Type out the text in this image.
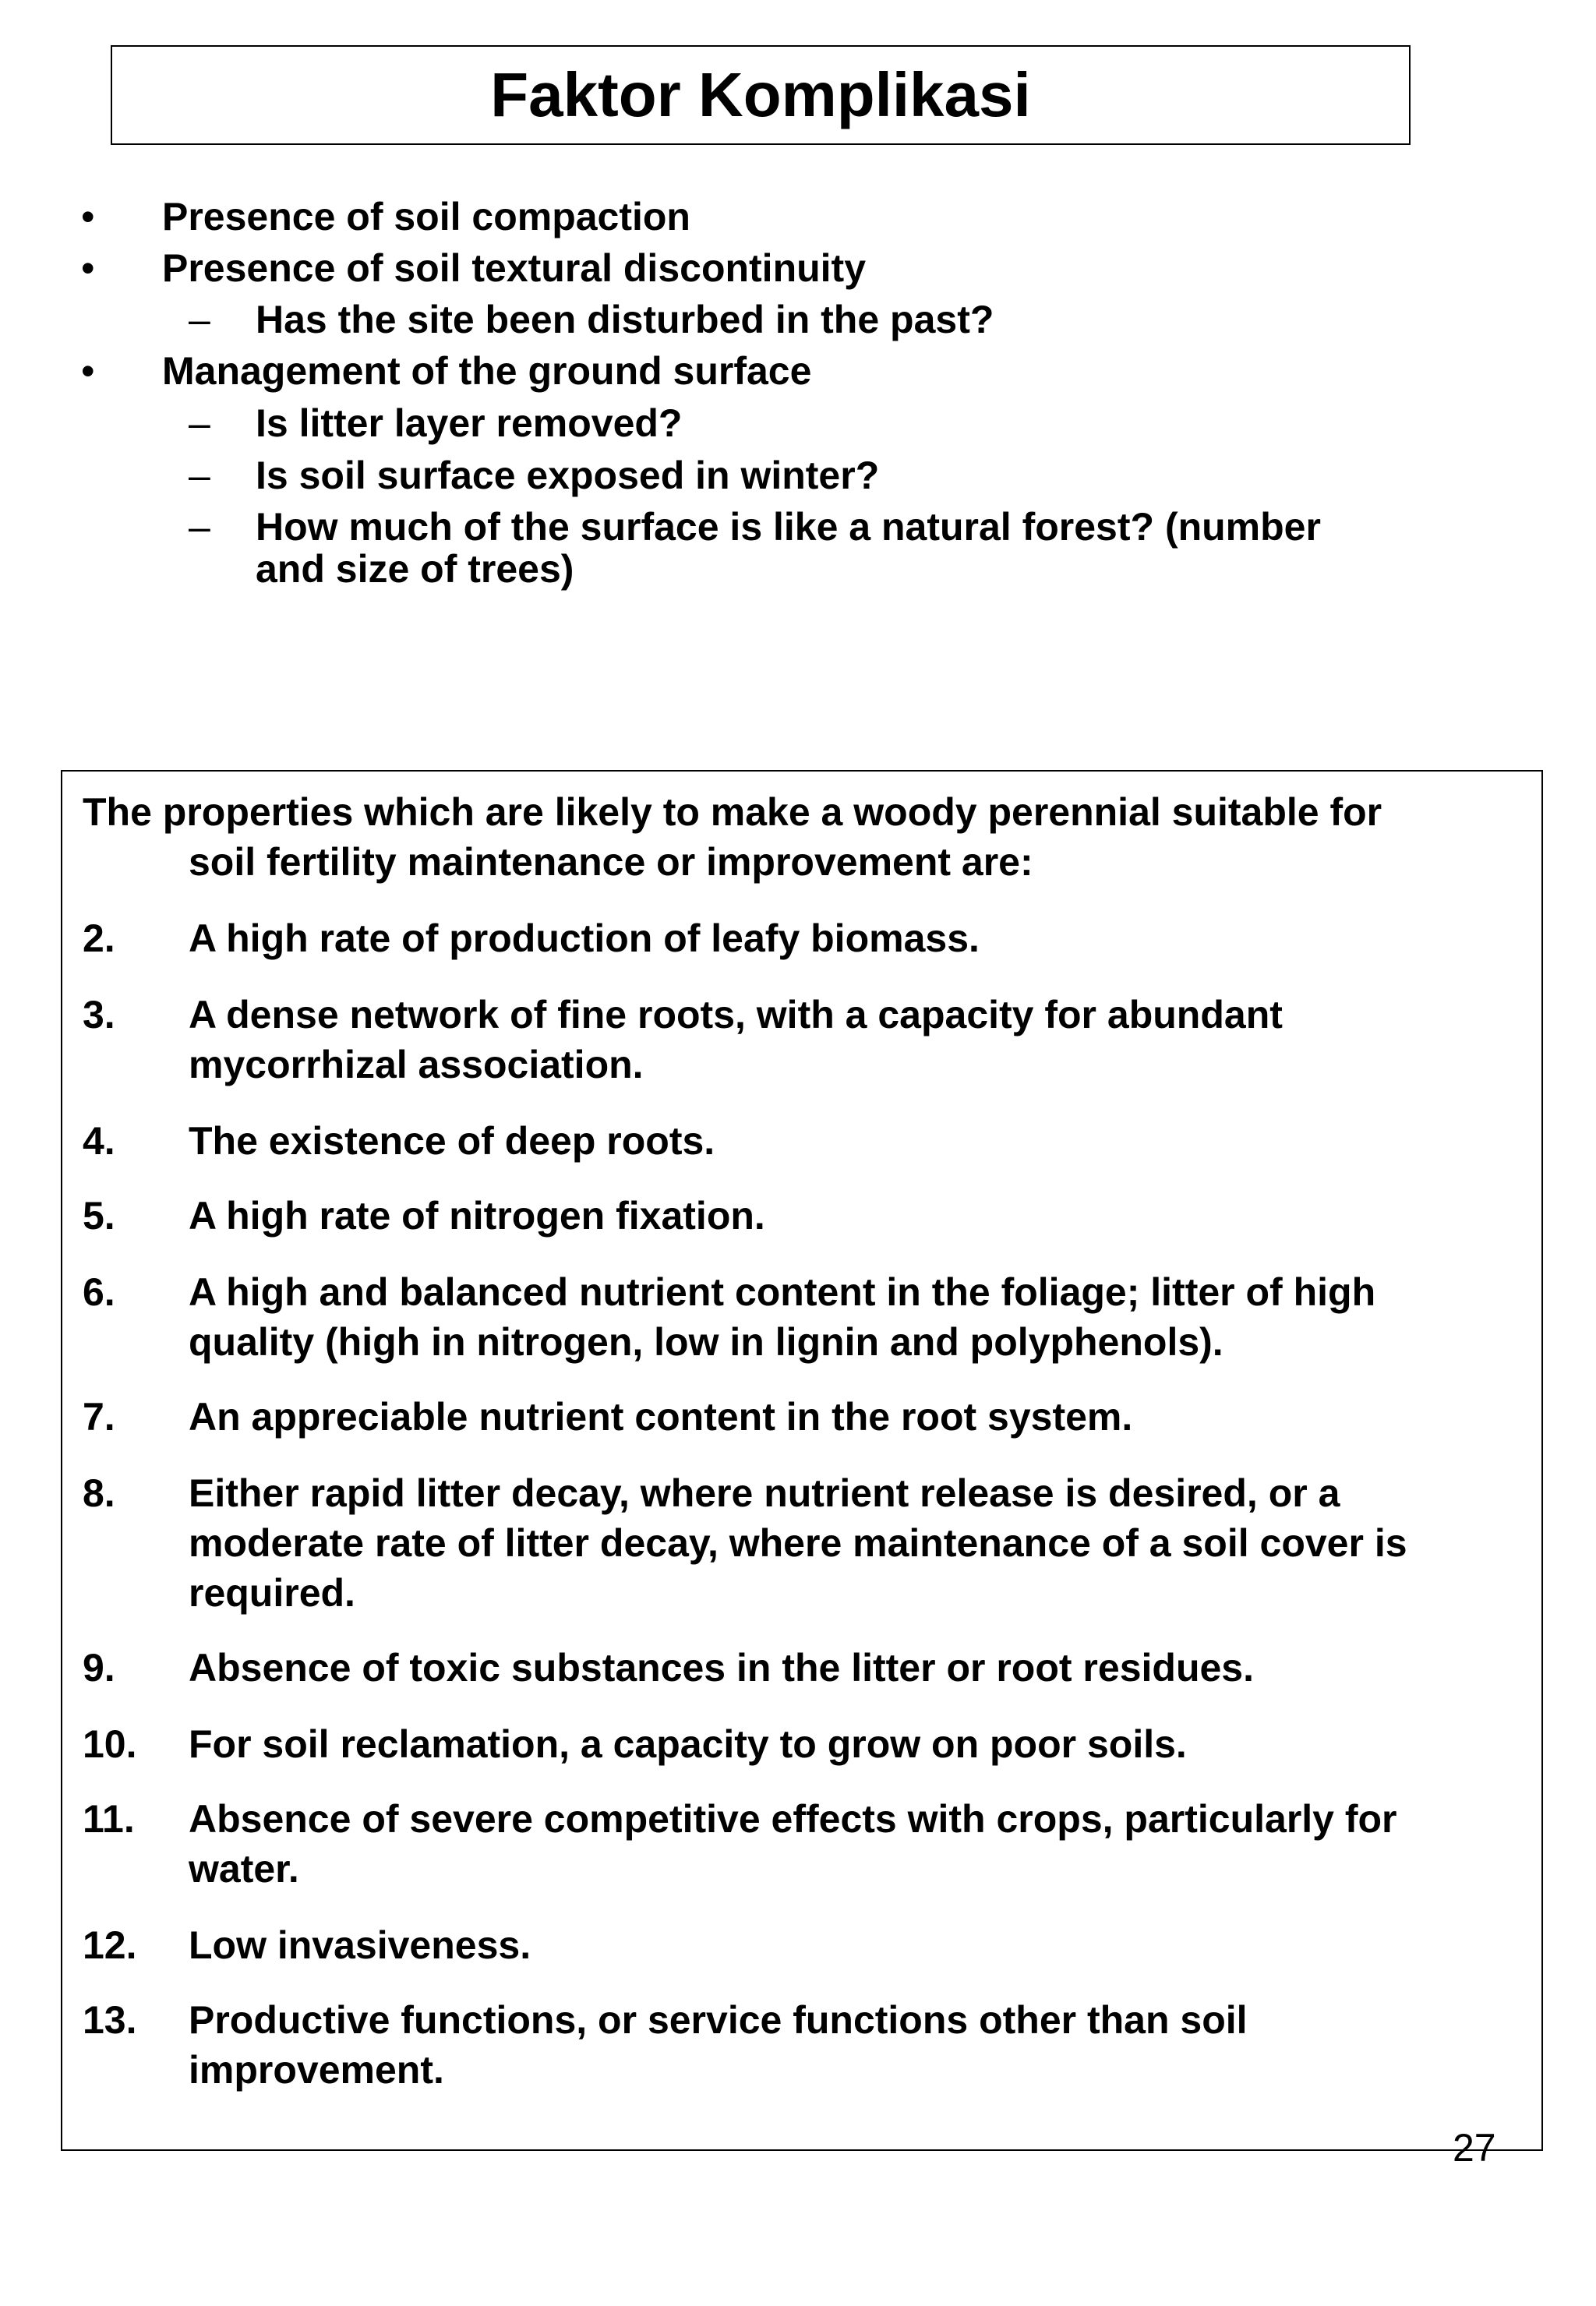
Faktor Komplikasi
• Presence of soil compaction
• Presence of soil textural discontinuity
– Has the site been disturbed in the past?
• Management of the ground surface
– Is litter layer removed?
– Is soil surface exposed in winter?
– How much of the surface is like a natural forest? (number
and size of trees)
The properties which are likely to make a woody perennial suitable for
soil fertility maintenance or improvement are:
2. A high rate of production of leafy biomass.
3. A dense network of fine roots, with a capacity for abundant
mycorrhizal association.
4. The existence of deep roots.
5. A high rate of nitrogen fixation.
6. A high and balanced nutrient content in the foliage; litter of high
quality (high in nitrogen, low in lignin and polyphenols).
7. An appreciable nutrient content in the root system.
8. Either rapid litter decay, where nutrient release is desired, or a
moderate rate of litter decay, where maintenance of a soil cover is
required.
9. Absence of toxic substances in the litter or root residues.
10. For soil reclamation, a capacity to grow on poor soils.
11. Absence of severe competitive effects with crops, particularly for
water.
12. Low invasiveness.
13. Productive functions, or service functions other than soil
improvement.
27
